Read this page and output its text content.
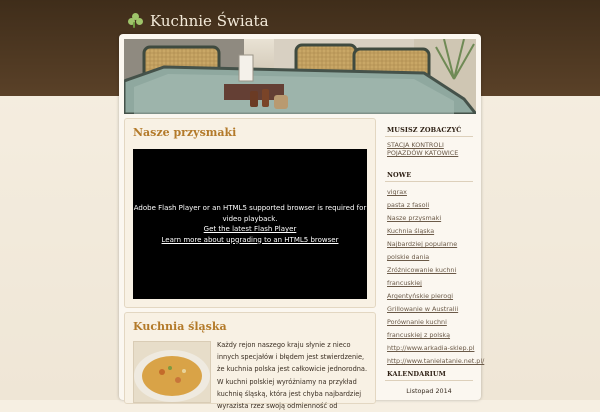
Kuchnie Świata
Nasze przysmaki
Adobe Flash Player or an HTML5 supported browser is required for video playback.
Get the latest Flash Player
Learn more about upgrading to an HTML5 browser
Kuchnia śląska
Każdy rejon naszego kraju słynie z nieco innych specjałów i błędem jest stwierdzenie, że kuchnia polska jest całkowicie jednorodna. W kuchni polskiej wyróżniamy na przykład kuchnię śląską, która jest chyba najbardziej wyrazista rzez swoją odmienność od
MUSISZ ZOBACZYĆ
STACJA KONTROLI POJAZDÓW KATOWICE
NOWE
vigrax
pasta z fasoli
Nasze przysmaki
Kuchnia śląska
Najbardziej popularne
polskie dania
Zróżnicowanie kuchni
francuskiej
Argentyńskie pierogi
Grillowanie w Australii
Porównanie kuchni
francuskiej z polską
http://www.arkadia-sklep.pl
http://www.tanielatanie.net.pl/
KALENDARIUM
Listopad 2014
